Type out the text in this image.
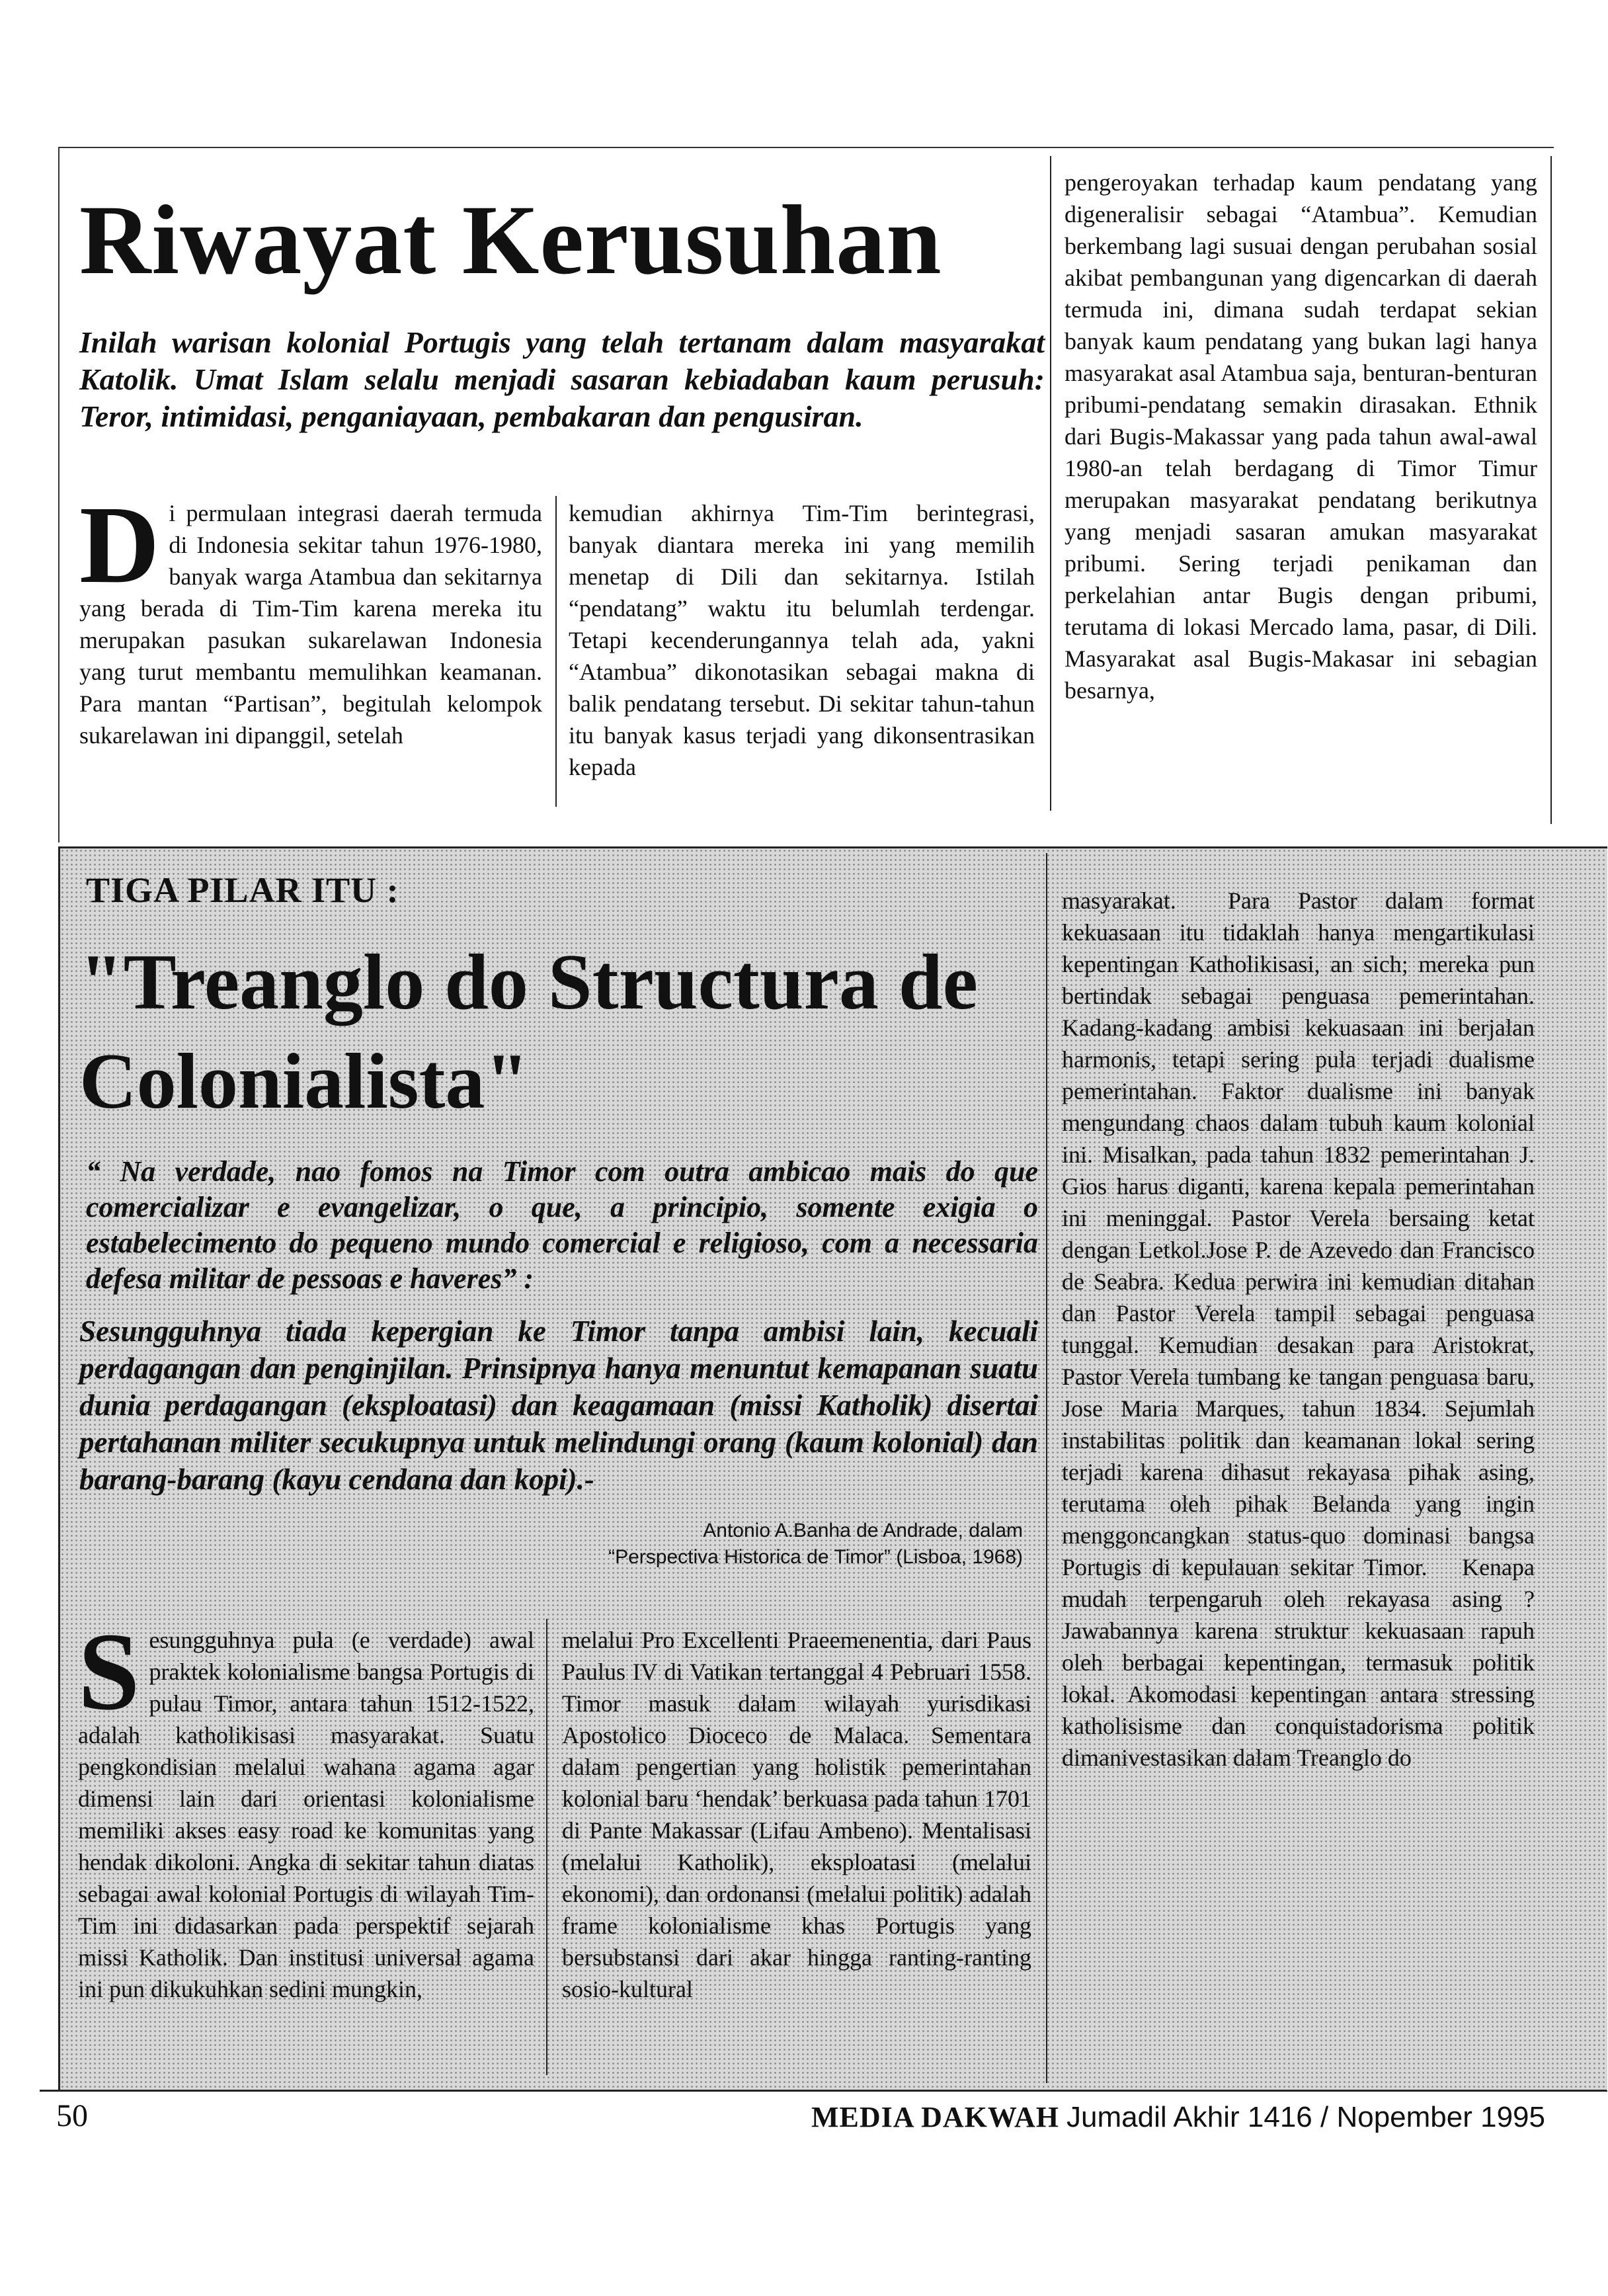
Riwayat Kerusuhan

Inilah warisan kolonial Portugis yang telah tertanam dalam masyarakat Katolik. Umat Islam selalu menjadi sasaran kebiadaban kaum perusuh: Teror, intimidasi, penganiayaan, pembakaran dan pengusiran.

Di permulaan integrasi daerah termuda di Indonesia sekitar tahun 1976-1980, banyak warga Atambua dan sekitarnya yang berada di Tim-Tim karena mereka itu merupakan pasukan sukarelawan Indonesia yang turut membantu memulihkan keamanan. Para mantan “Partisan”, begitulah kelompok sukarelawan ini dipanggil, setelah

kemudian akhirnya Tim-Tim berintegrasi, banyak diantara mereka ini yang memilih menetap di Dili dan sekitarnya. Istilah “pendatang” waktu itu belumlah terdengar. Tetapi kecenderungannya telah ada, yakni “Atambua” dikonotasikan sebagai makna di balik pendatang tersebut. Di sekitar tahun-tahun itu banyak kasus terjadi yang dikonsentrasikan kepada

pengeroyakan terhadap kaum pendatang yang digeneralisir sebagai “Atambua”. Kemudian berkembang lagi susuai dengan perubahan sosial akibat pembangunan yang digencarkan di daerah termuda ini, dimana sudah terdapat sekian banyak kaum pendatang yang bukan lagi hanya masyarakat asal Atambua saja, benturan-benturan pribumi-pendatang semakin dirasakan. Ethnik dari Bugis-Makassar yang pada tahun awal-awal 1980-an telah berdagang di Timor Timur merupakan masyarakat pendatang berikutnya yang menjadi sasaran amukan masyarakat pribumi. Sering terjadi penikaman dan perkelahian antar Bugis dengan pribumi, terutama di lokasi Mercado lama, pasar, di Dili. Masyarakat asal Bugis-Makasar ini sebagian besarnya,

TIGA PILAR ITU :
"Treanglo do Structura de Colonialista"

“ Na verdade, nao fomos na Timor com outra ambicao mais do que comercializar e evangelizar, o que, a principio, somente exigia o estabelecimento do pequeno mundo comercial e religioso, com a necessaria defesa militar de pessoas e haveres” :

Sesungguhnya tiada kepergian ke Timor tanpa ambisi lain, kecuali perdagangan dan penginjilan. Prinsipnya hanya menuntut kemapanan suatu dunia perdagangan (eksploatasi) dan keagamaan (missi Katholik) disertai pertahanan militer secukupnya untuk melindungi orang (kaum kolonial) dan barang-barang (kayu cendana dan kopi).-

Antonio A.Banha de Andrade, dalam
“Perspectiva Historica de Timor” (Lisboa, 1968)
Sesungguhnya pula (e verdade) awal praktek kolonialisme bangsa Portugis di pulau Timor, antara tahun 1512-1522, adalah katholikisasi masyarakat. Suatu pengkondisian melalui wahana agama agar dimensi lain dari orientasi kolonialisme memiliki akses easy road ke komunitas yang hendak dikoloni. Angka di sekitar tahun diatas sebagai awal kolonial Portugis di wilayah Tim-Tim ini didasarkan pada perspektif sejarah missi Katholik. Dan institusi universal agama ini pun dikukuhkan sedini mungkin,

melalui Pro Excellenti Praeemenentia, dari Paus Paulus IV di Vatikan tertanggal 4 Pebruari 1558. Timor masuk dalam wilayah yurisdikasi Apostolico Dioceco de Malaca. Sementara dalam pengertian yang holistik pemerintahan kolonial baru ‘hendak’ berkuasa pada tahun 1701 di Pante Makassar (Lifau Ambeno). Mentalisasi (melalui Katholik), eksploatasi (melalui ekonomi), dan ordonansi (melalui politik) adalah frame kolonialisme khas Portugis yang bersubstansi dari akar hingga ranting-ranting sosio-kultural

masyarakat.  Para Pastor dalam format kekuasaan itu tidaklah hanya mengartikulasi kepentingan Katholikisasi, an sich; mereka pun bertindak sebagai penguasa pemerintahan. Kadang-kadang ambisi kekuasaan ini berjalan harmonis, tetapi sering pula terjadi dualisme pemerintahan. Faktor dualisme ini banyak mengundang chaos dalam tubuh kaum kolonial ini. Misalkan, pada tahun 1832 pemerintahan J. Gios harus diganti, karena kepala pemerintahan ini meninggal. Pastor Verela bersaing ketat dengan Letkol.Jose P. de Azevedo dan Francisco de Seabra. Kedua perwira ini kemudian ditahan dan Pastor Verela tampil sebagai penguasa tunggal. Kemudian desakan para Aristokrat, Pastor Verela tumbang ke tangan penguasa baru, Jose Maria Marques, tahun 1834. Sejumlah instabilitas politik dan keamanan lokal sering terjadi karena dihasut rekayasa pihak asing, terutama oleh pihak Belanda yang ingin menggoncangkan status-quo dominasi bangsa Portugis di kepulauan sekitar Timor.  Kenapa mudah terpengaruh oleh rekayasa asing ? Jawabannya karena struktur kekuasaan rapuh oleh berbagai kepentingan, termasuk politik lokal. Akomodasi kepentingan antara stressing katholisisme dan conquistadorisma politik dimanivestasikan dalam Treanglo do

50	MEDIA DAKWAH Jumadil Akhir 1416 / Nopember 1995
